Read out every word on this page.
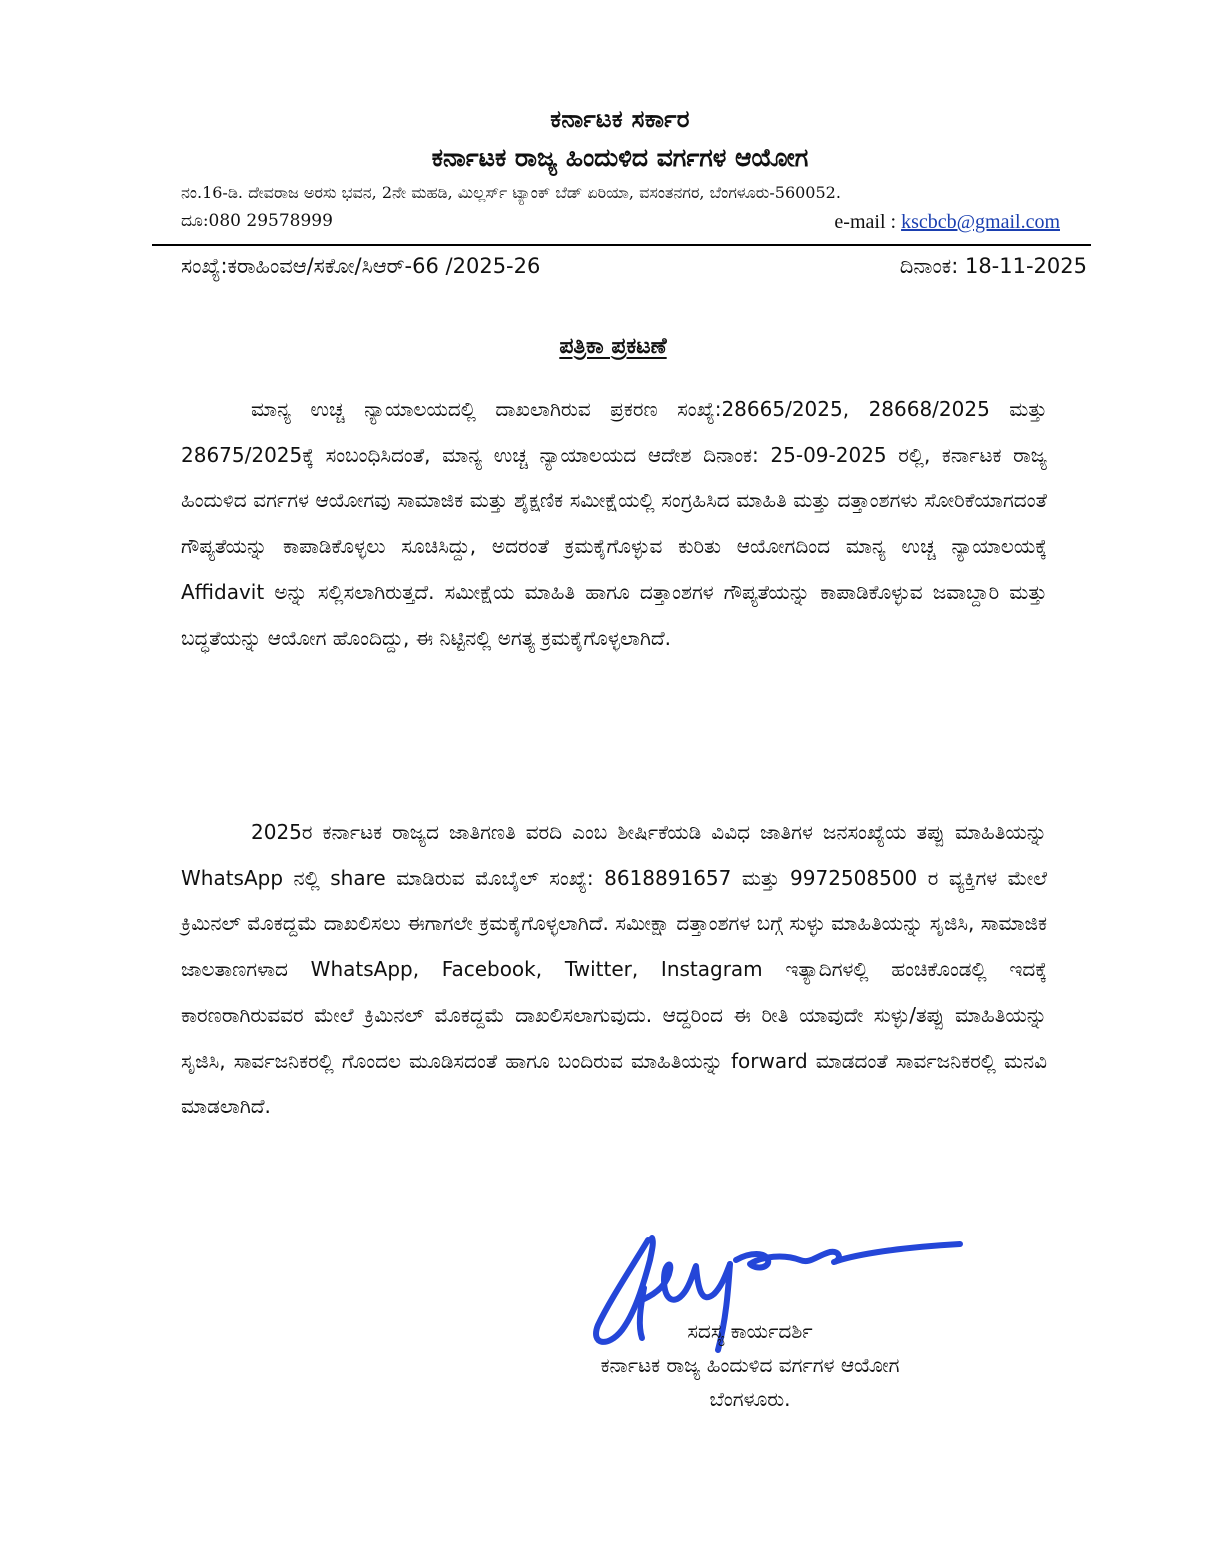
ಕರ್ನಾಟಕ ಸರ್ಕಾರ
ಕರ್ನಾಟಕ ರಾಜ್ಯ ಹಿಂದುಳಿದ ವರ್ಗಗಳ ಆಯೋಗ
ನಂ.16-ಡಿ. ದೇವರಾಜ ಅರಸು ಭವನ, 2ನೇ ಮಹಡಿ, ಮಿಲ್ಲರ್ಸ್ ಟ್ಯಾಂಕ್ ಬೆಡ್ ಏರಿಯಾ, ವಸಂತನಗರ, ಬೆಂಗಳೂರು-560052.
ದೂ:080 29578999	e-mail : kscbcb@gmail.com
ಸಂಖ್ಯೆ:ಕರಾಹಿಂವಆ/ಸಕೋ/ಸಿಆರ್-66 /2025-26	ದಿನಾಂಕ: 18-11-2025
ಪತ್ರಿಕಾ ಪ್ರಕಟಣೆ

ಮಾನ್ಯ ಉಚ್ಚ ನ್ಯಾಯಾಲಯದಲ್ಲಿ ದಾಖಲಾಗಿರುವ ಪ್ರಕರಣ ಸಂಖ್ಯೆ:28665/2025, 28668/2025 ಮತ್ತು 28675/2025ಕ್ಕೆ ಸಂಬಂಧಿಸಿದಂತೆ, ಮಾನ್ಯ ಉಚ್ಚ ನ್ಯಾಯಾಲಯದ ಆದೇಶ ದಿನಾಂಕ: 25-09-2025 ರಲ್ಲಿ, ಕರ್ನಾಟಕ ರಾಜ್ಯ ಹಿಂದುಳಿದ ವರ್ಗಗಳ ಆಯೋಗವು ಸಾಮಾಜಿಕ ಮತ್ತು ಶೈಕ್ಷಣಿಕ ಸಮೀಕ್ಷೆಯಲ್ಲಿ ಸಂಗ್ರಹಿಸಿದ ಮಾಹಿತಿ ಮತ್ತು ದತ್ತಾಂಶಗಳು ಸೋರಿಕೆಯಾಗದಂತೆ ಗೌಪ್ಯತೆಯನ್ನು ಕಾಪಾಡಿಕೊಳ್ಳಲು ಸೂಚಿಸಿದ್ದು, ಅದರಂತೆ ಕ್ರಮಕೈಗೊಳ್ಳುವ ಕುರಿತು ಆಯೋಗದಿಂದ ಮಾನ್ಯ ಉಚ್ಚ ನ್ಯಾಯಾಲಯಕ್ಕೆ Affidavit ಅನ್ನು ಸಲ್ಲಿಸಲಾಗಿರುತ್ತದೆ. ಸಮೀಕ್ಷೆಯ ಮಾಹಿತಿ ಹಾಗೂ ದತ್ತಾಂಶಗಳ ಗೌಪ್ಯತೆಯನ್ನು ಕಾಪಾಡಿಕೊಳ್ಳುವ ಜವಾಬ್ದಾರಿ ಮತ್ತು ಬದ್ಧತೆಯನ್ನು ಆಯೋಗ ಹೊಂದಿದ್ದು, ಈ ನಿಟ್ಟಿನಲ್ಲಿ ಅಗತ್ಯ ಕ್ರಮಕೈಗೊಳ್ಳಲಾಗಿದೆ.

2025ರ ಕರ್ನಾಟಕ ರಾಜ್ಯದ ಜಾತಿಗಣತಿ ವರದಿ ಎಂಬ ಶೀರ್ಷಿಕೆಯಡಿ ವಿವಿಧ ಜಾತಿಗಳ ಜನಸಂಖ್ಯೆಯ ತಪ್ಪು ಮಾಹಿತಿಯನ್ನು WhatsApp ನಲ್ಲಿ share ಮಾಡಿರುವ ಮೊಬೈಲ್ ಸಂಖ್ಯೆ: 8618891657 ಮತ್ತು 9972508500 ರ ವ್ಯಕ್ತಿಗಳ ಮೇಲೆ ಕ್ರಿಮಿನಲ್ ಮೊಕದ್ದಮೆ ದಾಖಲಿಸಲು ಈಗಾಗಲೇ ಕ್ರಮಕೈಗೊಳ್ಳಲಾಗಿದೆ. ಸಮೀಕ್ಷಾ ದತ್ತಾಂಶಗಳ ಬಗ್ಗೆ ಸುಳ್ಳು ಮಾಹಿತಿಯನ್ನು ಸೃಜಿಸಿ, ಸಾಮಾಜಿಕ ಜಾಲತಾಣಗಳಾದ WhatsApp, Facebook, Twitter, Instagram ಇತ್ಯಾದಿಗಳಲ್ಲಿ ಹಂಚಿಕೊಂಡಲ್ಲಿ ಇದಕ್ಕೆ ಕಾರಣರಾಗಿರುವವರ ಮೇಲೆ ಕ್ರಿಮಿನಲ್ ಮೊಕದ್ದಮೆ ದಾಖಲಿಸಲಾಗುವುದು. ಆದ್ದರಿಂದ ಈ ರೀತಿ ಯಾವುದೇ ಸುಳ್ಳು/ತಪ್ಪು ಮಾಹಿತಿಯನ್ನು ಸೃಜಿಸಿ, ಸಾರ್ವಜನಿಕರಲ್ಲಿ ಗೊಂದಲ ಮೂಡಿಸದಂತೆ ಹಾಗೂ ಬಂದಿರುವ ಮಾಹಿತಿಯನ್ನು forward ಮಾಡದಂತೆ ಸಾರ್ವಜನಿಕರಲ್ಲಿ ಮನವಿ ಮಾಡಲಾಗಿದೆ.

ಸದಸ್ಯ ಕಾರ್ಯದರ್ಶಿ
ಕರ್ನಾಟಕ ರಾಜ್ಯ ಹಿಂದುಳಿದ ವರ್ಗಗಳ ಆಯೋಗ
ಬೆಂಗಳೂರು.
